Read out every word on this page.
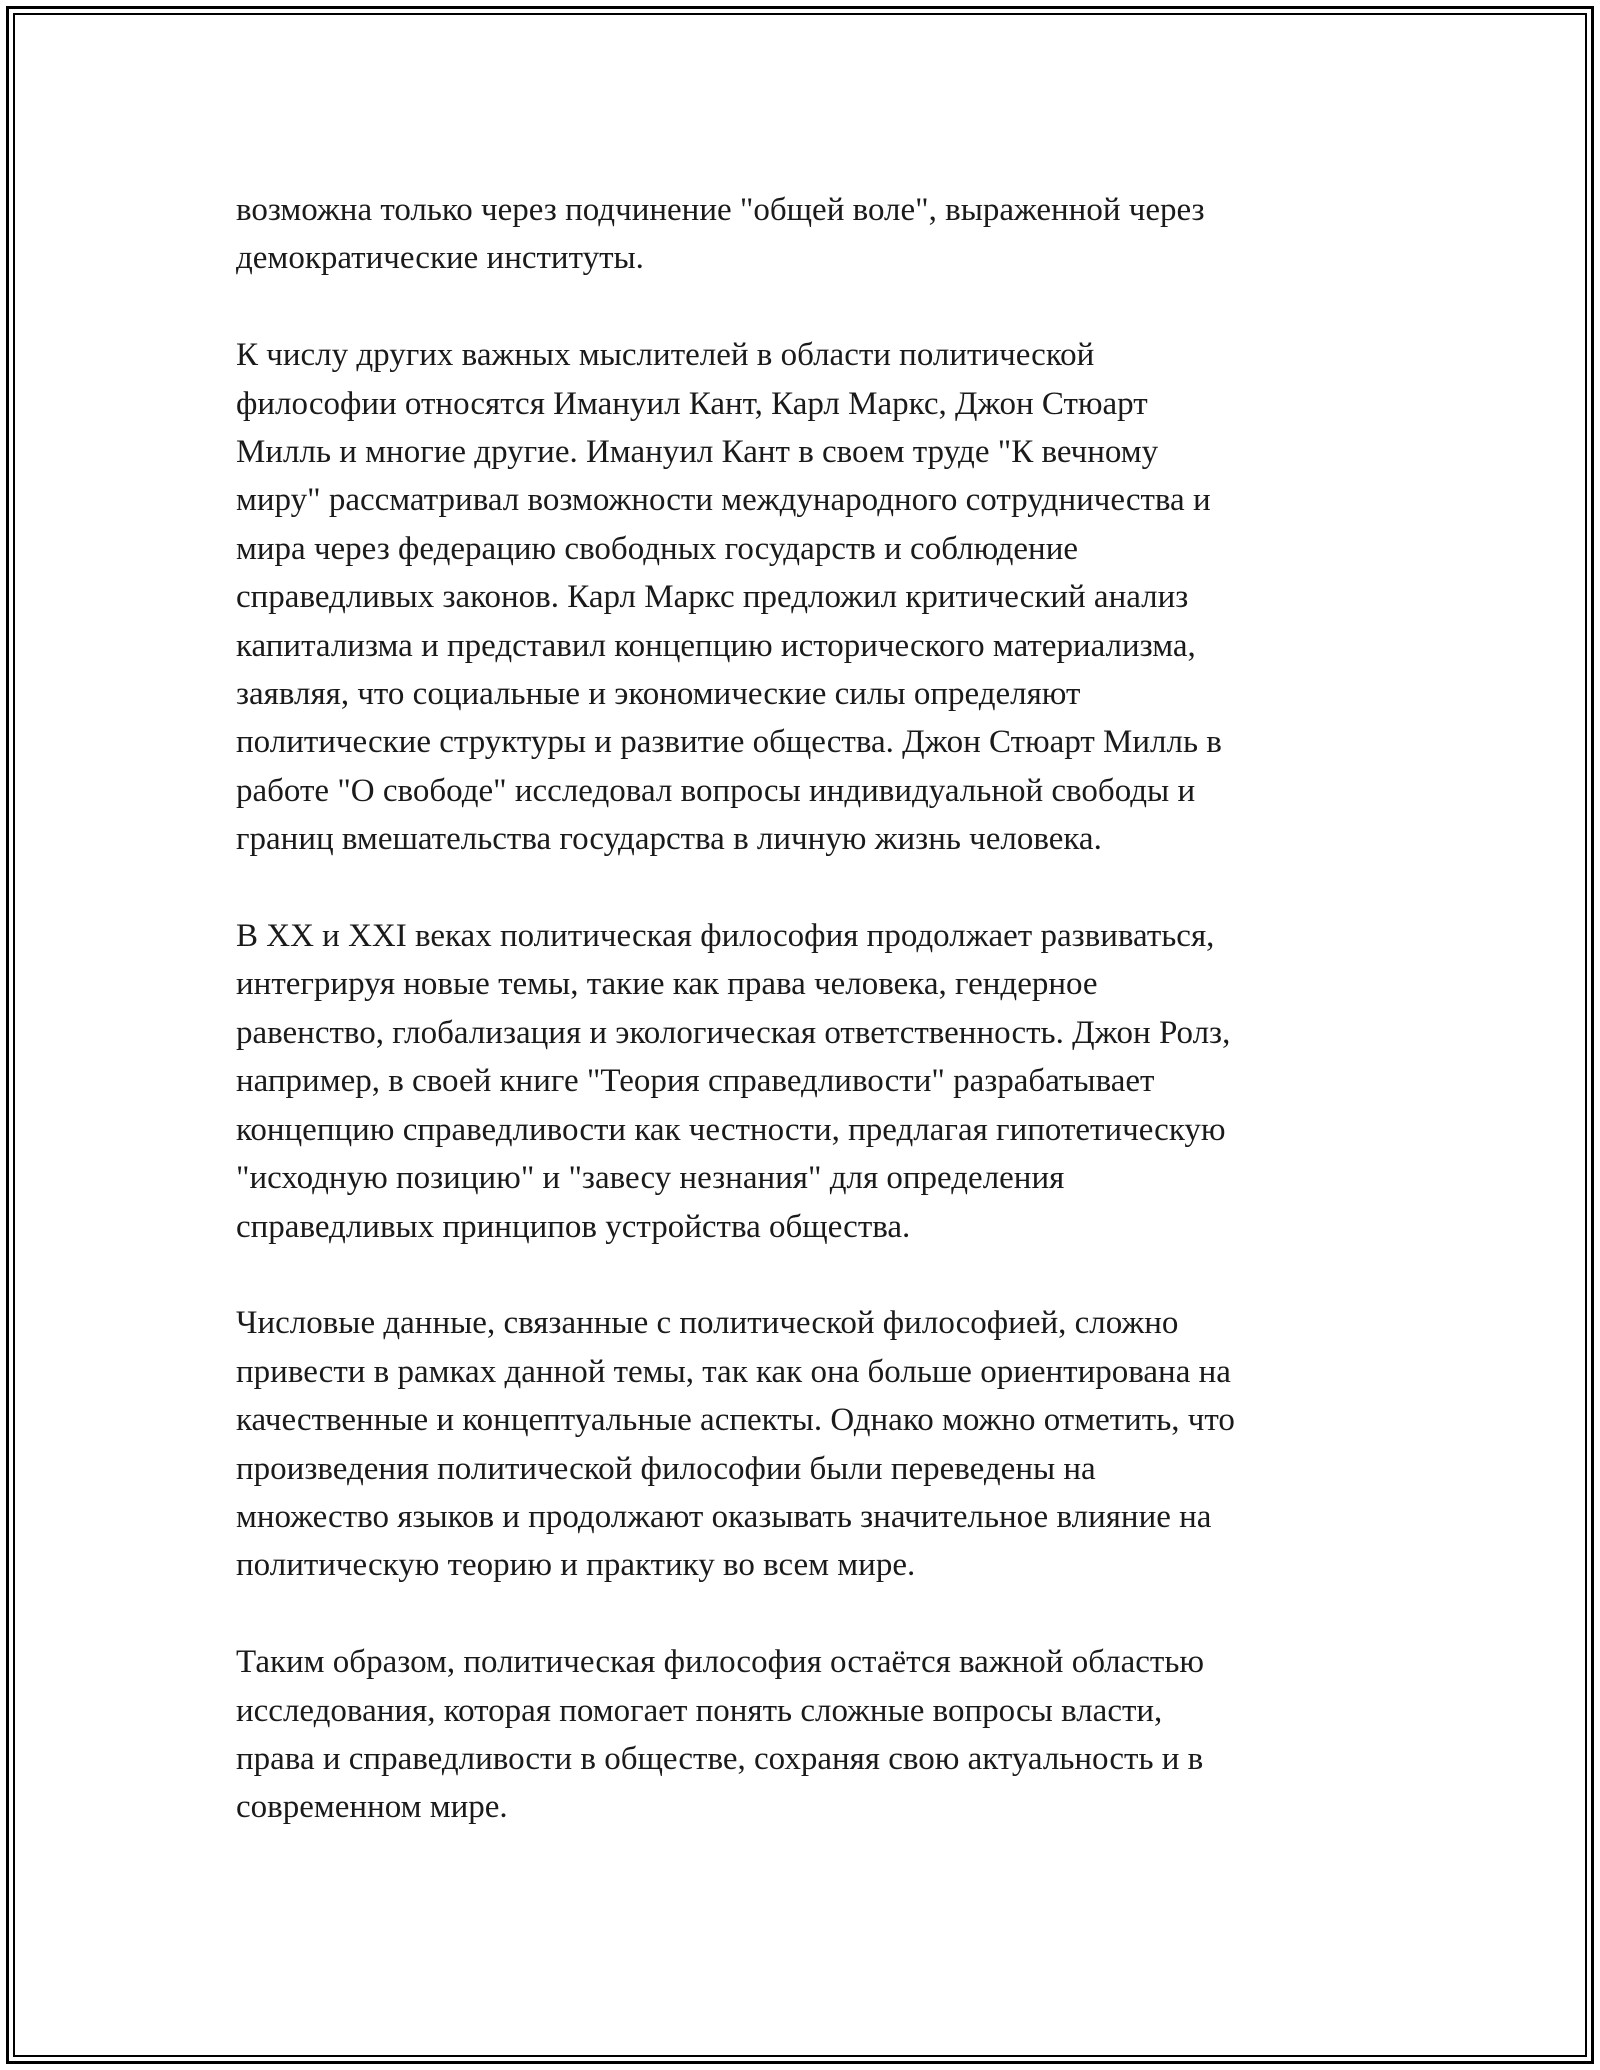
возможна только через подчинение "общей воле", выраженной через
демократические институты.
К числу других важных мыслителей в области политической
философии относятся Имануил Кант, Карл Маркс, Джон Стюарт
Милль и многие другие. Имануил Кант в своем труде "К вечному
миру" рассматривал возможности международного сотрудничества и
мира через федерацию свободных государств и соблюдение
справедливых законов. Карл Маркс предложил критический анализ
капитализма и представил концепцию исторического материализма,
заявляя, что социальные и экономические силы определяют
политические структуры и развитие общества. Джон Стюарт Милль в
работе "О свободе" исследовал вопросы индивидуальной свободы и
границ вмешательства государства в личную жизнь человека.
В XX и XXI веках политическая философия продолжает развиваться,
интегрируя новые темы, такие как права человека, гендерное
равенство, глобализация и экологическая ответственность. Джон Ролз,
например, в своей книге "Теория справедливости" разрабатывает
концепцию справедливости как честности, предлагая гипотетическую
"исходную позицию" и "завесу незнания" для определения
справедливых принципов устройства общества.
Числовые данные, связанные с политической философией, сложно
привести в рамках данной темы, так как она больше ориентирована на
качественные и концептуальные аспекты. Однако можно отметить, что
произведения политической философии были переведены на
множество языков и продолжают оказывать значительное влияние на
политическую теорию и практику во всем мире.
Таким образом, политическая философия остаётся важной областью
исследования, которая помогает понять сложные вопросы власти,
права и справедливости в обществе, сохраняя свою актуальность и в
современном мире.
